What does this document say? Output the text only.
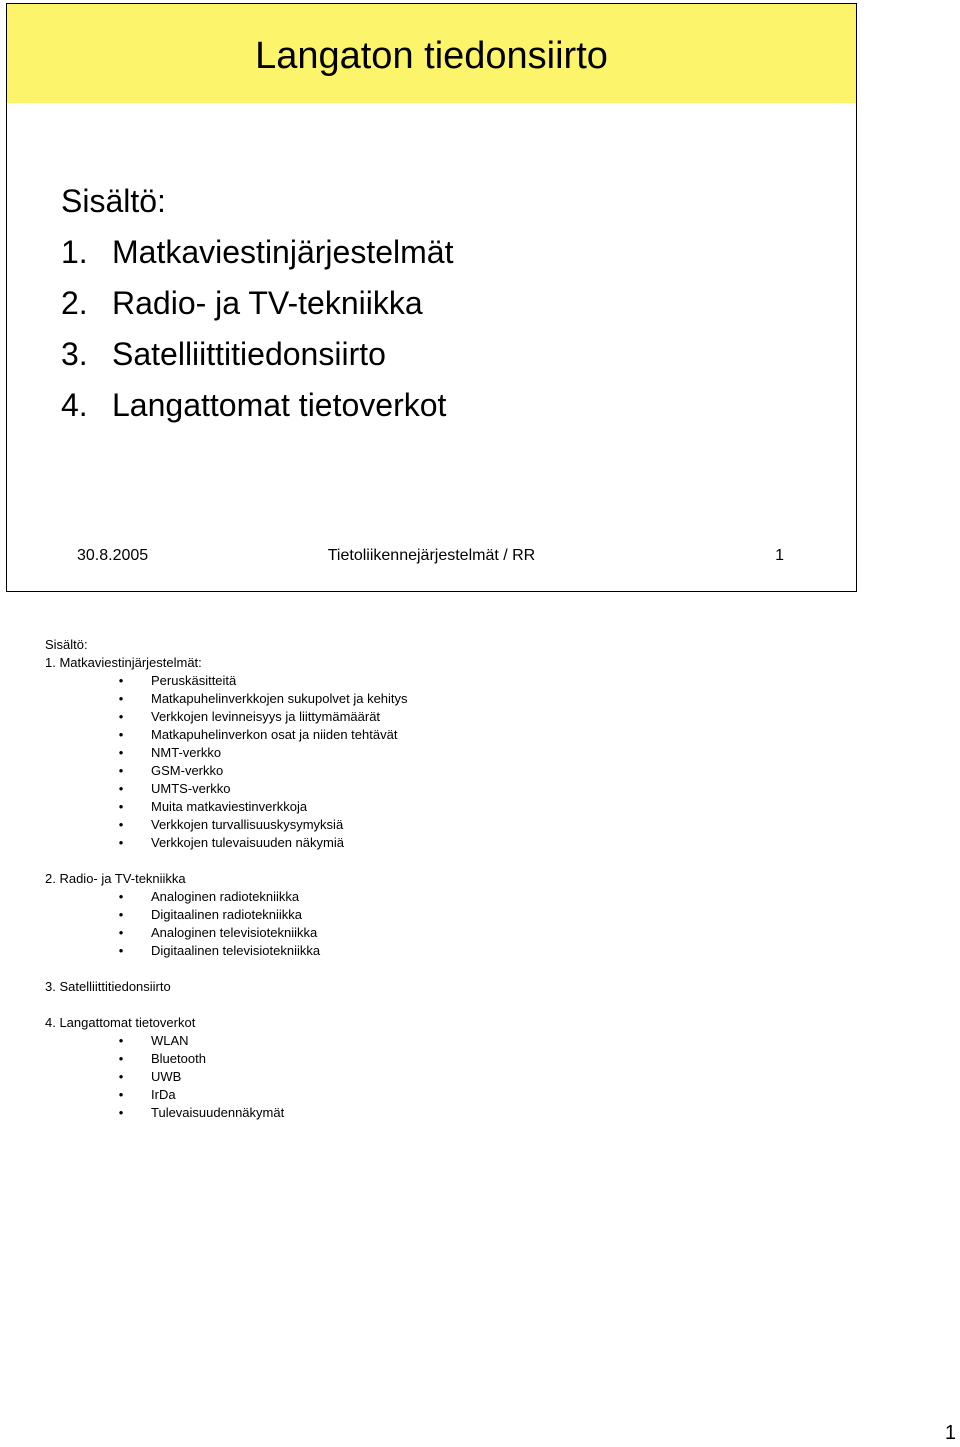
Langaton tiedonsiirto
Sisältö:
1. Matkaviestinjärjestelmät
2. Radio- ja TV-tekniikka
3. Satelliittitiedonsiirto
4. Langattomat tietoverkot
30.8.2005	Tietoliikennejärjestelmät / RR	1
Sisältö:
1. Matkaviestinjärjestelmät:
• Peruskäsitteitä
• Matkapuhelinverkkojen sukupolvet ja kehitys
• Verkkojen levinneisyys ja liittymämäärät
• Matkapuhelinverkon osat ja niiden tehtävät
• NMT-verkko
• GSM-verkko
• UMTS-verkko
• Muita matkaviestinverkkoja
• Verkkojen turvallisuuskysymyksiä
• Verkkojen tulevaisuuden näkymiä
2. Radio- ja TV-tekniikka
• Analoginen radiotekniikka
• Digitaalinen radiotekniikka
• Analoginen televisiotekniikka
• Digitaalinen televisiotekniikka
3. Satelliittitiedonsiirto
4. Langattomat tietoverkot
• WLAN
• Bluetooth
• UWB
• IrDa
• Tulevaisuudennäkymät
1
